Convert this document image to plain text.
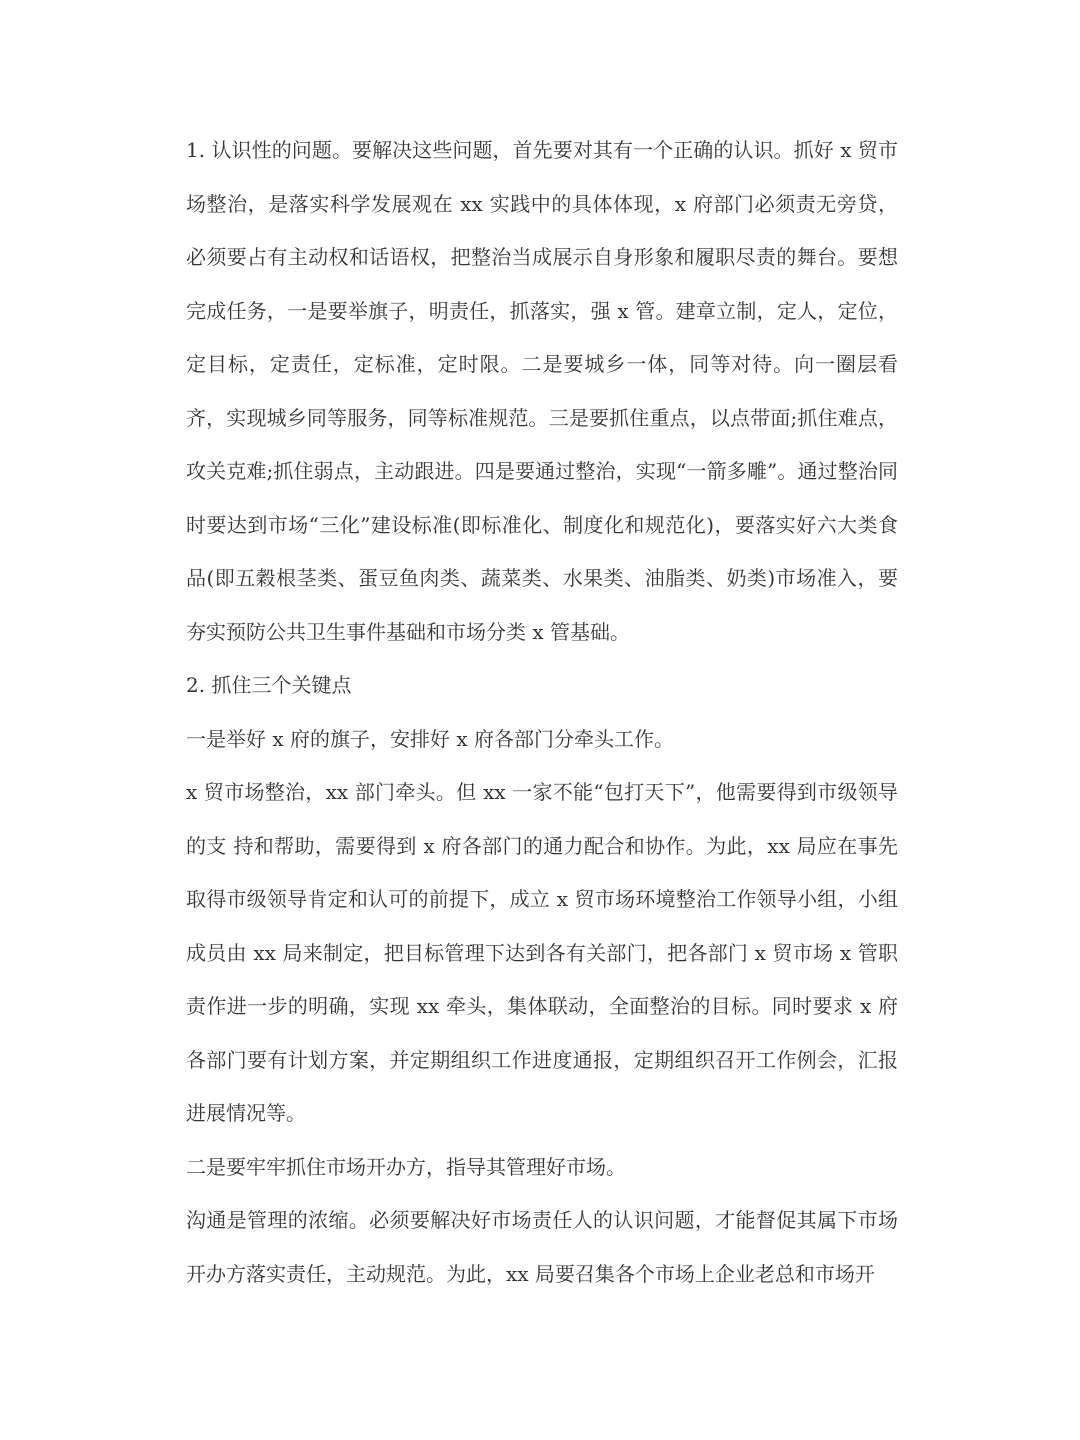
1. 认识性的问题。要解决这些问题，首先要对其有一个正确的认识。抓好 x 贸市场整治，是落实科学发展观在 xx 实践中的具体体现，x 府部门必须责无旁贷，必须要占有主动权和话语权，把整治当成展示自身形象和履职尽责的舞台。要想完成任务，一是要举旗子，明责任，抓落实，强 x 管。建章立制，定人，定位，定目标，定责任，定标准，定时限。二是要城乡一体，同等对待。向一圈层看齐，实现城乡同等服务，同等标准规范。三是要抓住重点，以点带面;抓住难点，攻关克难;抓住弱点，主动跟进。四是要通过整治，实现“一箭多雕”。通过整治同时要达到市场“三化”建设标准(即标准化、制度化和规范化)，要落实好六大类食品(即五穀根茎类、蛋豆鱼肉类、蔬菜类、水果类、油脂类、奶类)市场准入，要夯实预防公共卫生事件基础和市场分类 x 管基础。

2. 抓住三个关键点

一是举好 x 府的旗子，安排好 x 府各部门分牵头工作。

x 贸市场整治，xx 部门牵头。但 xx 一家不能“包打天下”，他需要得到市级领导的支 持和帮助，需要得到 x 府各部门的通力配合和协作。为此，xx 局应在事先取得市级领导肯定和认可的前提下，成立 x 贸市场环境整治工作领导小组，小组成员由 xx 局来制定，把目标管理下达到各有关部门，把各部门 x 贸市场 x 管职责作进一步的明确，实现 xx 牵头，集体联动，全面整治的目标。同时要求 x 府各部门要有计划方案，并定期组织工作进度通报，定期组织召开工作例会，汇报进展情况等。

二是要牢牢抓住市场开办方，指导其管理好市场。

沟通是管理的浓缩。必须要解决好市场责任人的认识问题，才能督促其属下市场开办方落实责任，主动规范。为此，xx 局要召集各个市场上企业老总和市场开
